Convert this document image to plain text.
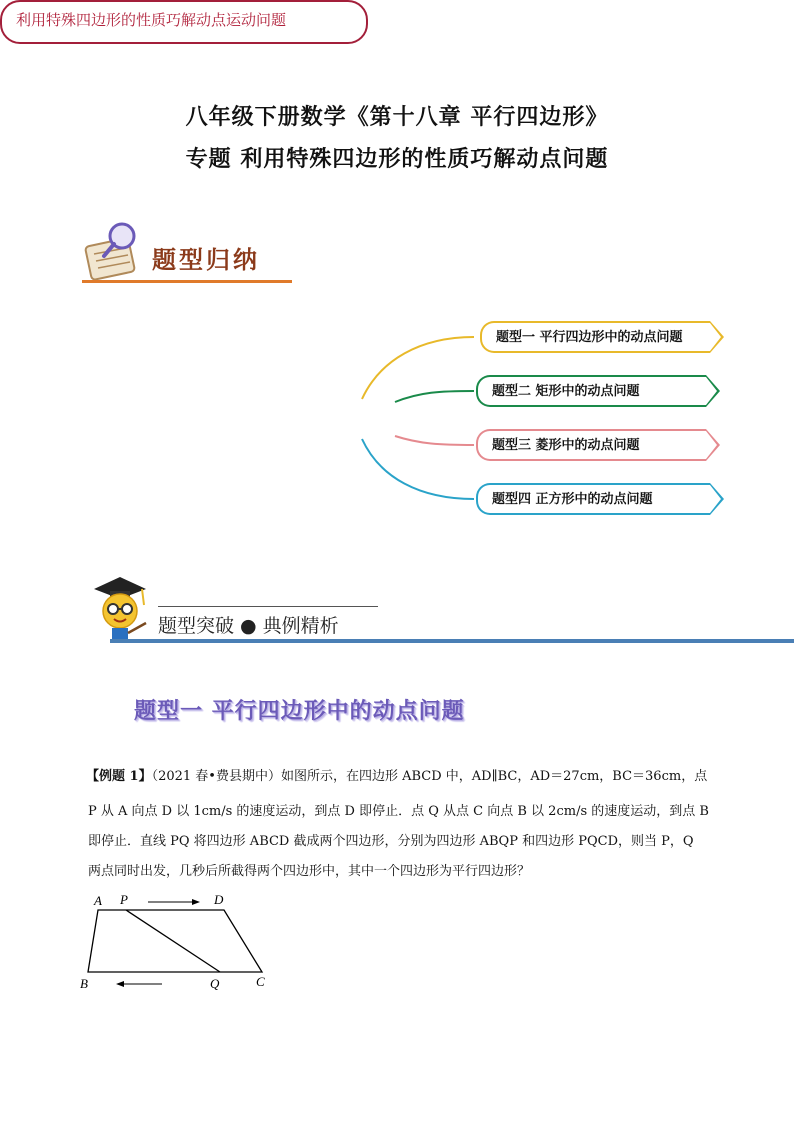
八年级下册数学《第十八章 平行四边形》
专题 利用特殊四边形的性质巧解动点问题
题型归纳
利用特殊四边形的性质巧解动点运动问题
题型一 平行四边形中的动点问题
题型二 矩形中的动点问题
题型三 菱形中的动点问题
题型四 正方形中的动点问题
题型突破 ● 典例精析
题型一 平行四边形中的动点问题
【例题 1】（2021 春•费县期中）如图所示，在四边形 ABCD 中，AD∥BC，AD＝27cm，BC＝36cm，点
P 从 A 向点 D 以 1cm/s 的速度运动，到点 D 即停止．点 Q 从点 C 向点 B 以 2cm/s 的速度运动，到点 B
即停止．直线 PQ 将四边形 ABCD 截成两个四边形，分别为四边形 ABQP 和四边形 PQCD，则当 P，Q
两点同时出发，几秒后所截得两个四边形中，其中一个四边形为平行四边形？
A P	D
B	Q	C
